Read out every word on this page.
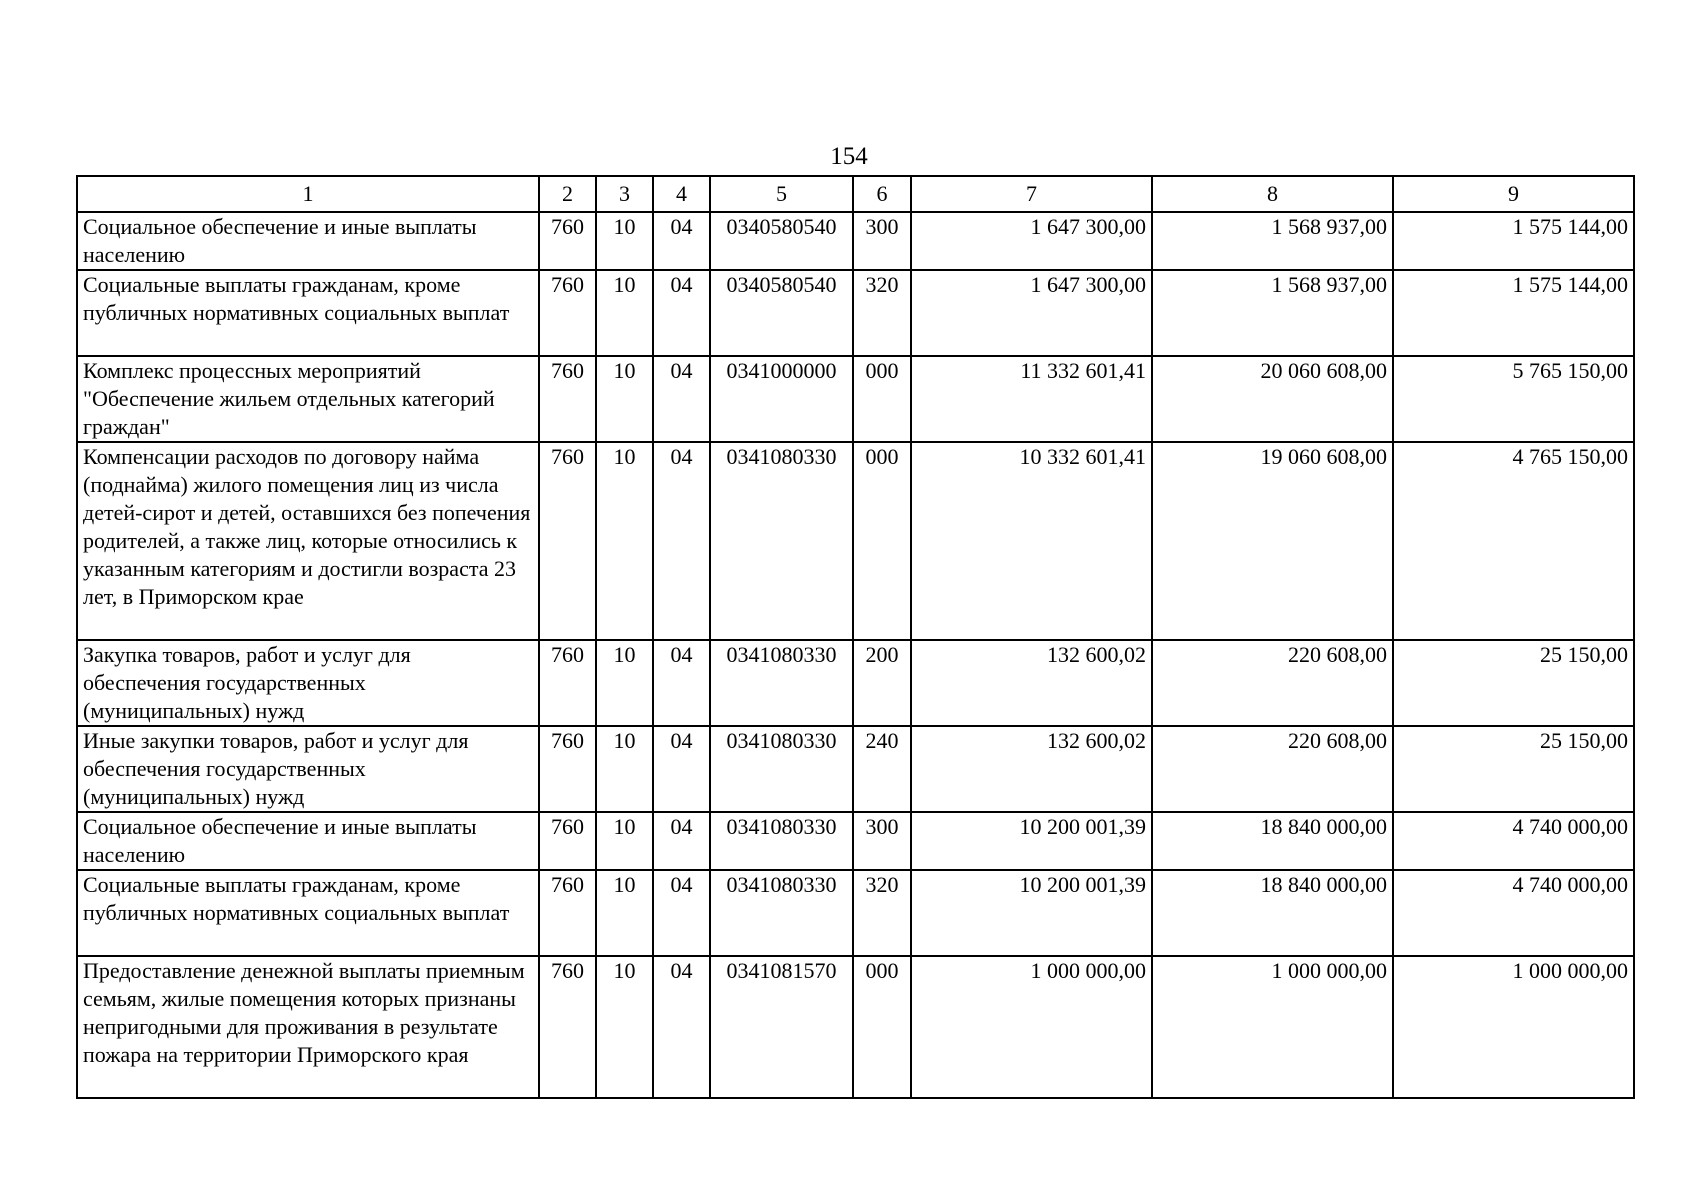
154
1	2	3	4	5	6	7	8	9
Социальное обеспечение и иные выплаты населению	760	10	04	0340580540	300	1 647 300,00	1 568 937,00	1 575 144,00
Социальные выплаты гражданам, кроме публичных нормативных социальных выплат	760	10	04	0340580540	320	1 647 300,00	1 568 937,00	1 575 144,00
Комплекс процессных мероприятий "Обеспечение жильем отдельных категорий граждан"	760	10	04	0341000000	000	11 332 601,41	20 060 608,00	5 765 150,00
Компенсации расходов по договору найма (поднайма) жилого помещения лиц из числа детей-сирот и детей, оставшихся без попечения родителей, а также лиц, которые относились к указанным категориям и достигли возраста 23 лет, в Приморском крае	760	10	04	0341080330	000	10 332 601,41	19 060 608,00	4 765 150,00
Закупка товаров, работ и услуг для обеспечения государственных (муниципальных) нужд	760	10	04	0341080330	200	132 600,02	220 608,00	25 150,00
Иные закупки товаров, работ и услуг для обеспечения государственных (муниципальных) нужд	760	10	04	0341080330	240	132 600,02	220 608,00	25 150,00
Социальное обеспечение и иные выплаты населению	760	10	04	0341080330	300	10 200 001,39	18 840 000,00	4 740 000,00
Социальные выплаты гражданам, кроме публичных нормативных социальных выплат	760	10	04	0341080330	320	10 200 001,39	18 840 000,00	4 740 000,00
Предоставление денежной выплаты приемным семьям, жилые помещения которых признаны непригодными для проживания в результате пожара на территории Приморского края	760	10	04	0341081570	000	1 000 000,00	1 000 000,00	1 000 000,00
